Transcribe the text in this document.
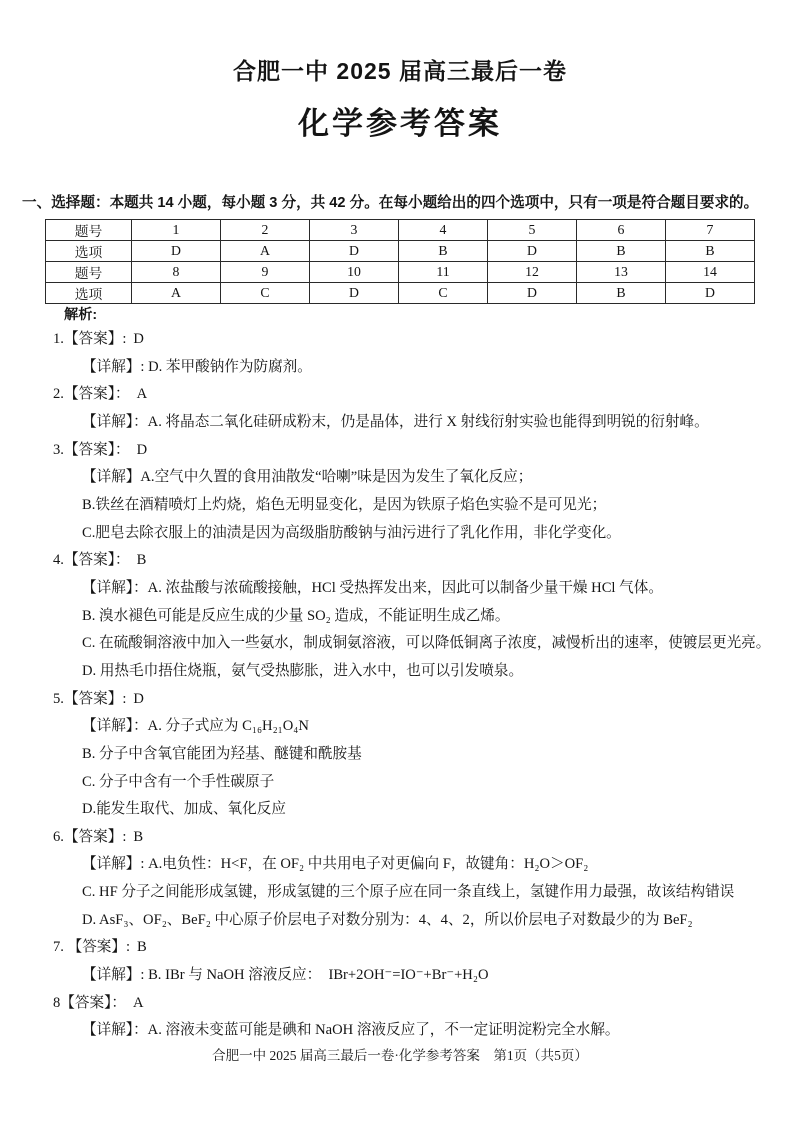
合肥一中 2025 届高三最后一卷
化学参考答案
一、选择题：本题共 14 小题，每小题 3 分，共 42 分。在每小题给出的四个选项中，只有一项是符合题目要求的。
题号	1	2	3	4	5	6	7
选项	D	A	D	B	D	B	B
题号	8	9	10	11	12	13	14
选项	A	C	D	C	D	B	D
解析:
1.【答案】: D
【详解】: D. 苯甲酸钠作为防腐剂。
2.【答案】： A
【详解】：A. 将晶态二氧化硅研成粉末，仍是晶体，进行 X 射线衍射实验也能得到明锐的衍射峰。
3.【答案】： D
【详解】A.空气中久置的食用油散发“哈喇”味是因为发生了氧化反应；
B.铁丝在酒精喷灯上灼烧，焰色无明显变化，是因为铁原子焰色实验不是可见光；
C.肥皂去除衣服上的油渍是因为高级脂肪酸钠与油污进行了乳化作用，非化学变化。
4.【答案】： B
【详解】：A. 浓盐酸与浓硫酸接触，HCl 受热挥发出来，因此可以制备少量干燥 HCl 气体。
B. 溴水褪色可能是反应生成的少量 SO₂ 造成，不能证明生成乙烯。
C. 在硫酸铜溶液中加入一些氨水，制成铜氨溶液，可以降低铜离子浓度，减慢析出的速率，使镀层更光亮。
D. 用热毛巾捂住烧瓶，氨气受热膨胀，进入水中，也可以引发喷泉。
5.【答案】: D
【详解】：A. 分子式应为 C₁₆H₂₁O₄N
B. 分子中含氧官能团为羟基、醚键和酰胺基
C. 分子中含有一个手性碳原子
D.能发生取代、加成、氧化反应
6.【答案】: B
【详解】: A.电负性：H<F，在 OF₂ 中共用电子对更偏向 F，故键角：H₂O＞OF₂
C. HF 分子之间能形成氢键，形成氢键的三个原子应在同一条直线上，氢键作用力最强，故该结构错误
D. AsF₃、OF₂、BeF₂ 中心原子价层电子对数分别为：4、4、2，所以价层电子对数最少的为 BeF₂
7. 【答案】: B
【详解】: B. IBr 与 NaOH 溶液反应：　IBr+2OH⁻=IO⁻+Br⁻+H₂O
8【答案】： A
【详解】：A. 溶液未变蓝可能是碘和 NaOH 溶液反应了，不一定证明淀粉完全水解。
合肥一中 2025 届高三最后一卷·化学参考答案　第1页（共5页）
